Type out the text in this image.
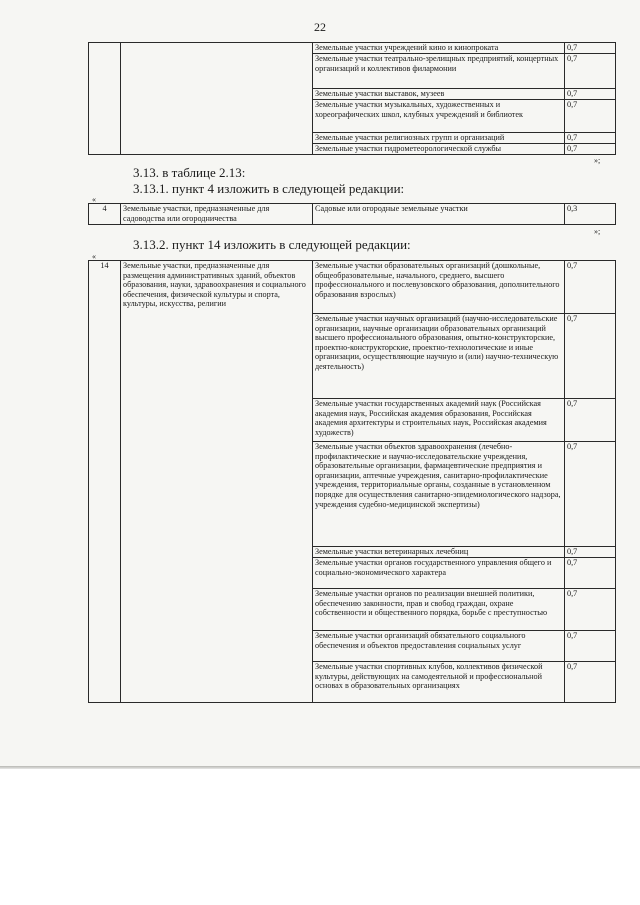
22
		Земельные участки учреждений кино и кинопроката	0,7
		Земельные участки театрально-зрелищных предприятий, концертных организаций и коллективов филармонии	0,7
		Земельные участки выставок, музеев	0,7
		Земельные участки музыкальных, художественных и хореографических школ, клубных учреждений и библиотек	0,7
		Земельные участки религиозных групп и организаций	0,7
		Земельные участки гидрометеорологической службы	0,7
»;
3.13. в таблице 2.13:
3.13.1. пункт 4 изложить в следующей редакции:
«
4	Земельные участки, предназначенные для садоводства или огородничества	Садовые или огородные земельные участки	0,3
»;
3.13.2. пункт 14 изложить в следующей редакции:
«
14	Земельные участки, предназначенные для размещения административных зданий, объектов образования, науки, здравоохранения и социального обеспечения, физической культуры и спорта, культуры, искусства, религии	Земельные участки образовательных организаций (дошкольные, общеобразовательные, начального, среднего, высшего профессионального и послевузовского образования, дополнительного образования взрослых)	0,7
		Земельные участки научных организаций (научно-исследовательские организации, научные организации образовательных организаций высшего профессионального образования, опытно-конструкторские, проектно-конструкторские, проектно-технологические и иные организации, осуществляющие научную и (или) научно-техническую деятельность)	0,7
		Земельные участки государственных академий наук (Российская академия наук, Российская академия образования, Российская академия архитектуры и строительных наук, Российская академия художеств)	0,7
		Земельные участки объектов здравоохранения (лечебно-профилактические и научно-исследовательские учреждения, образовательные организации, фармацевтические предприятия и организации, аптечные учреждения, санитарно-профилактические учреждения, территориальные органы, созданные в установленном порядке для осуществления санитарно-эпидемиологического надзора, учреждения судебно-медицинской экспертизы)	0,7
		Земельные участки ветеринарных лечебниц	0,7
		Земельные участки органов государственного управления общего и социально-экономического характера	0,7
		Земельные участки органов по реализации внешней политики, обеспечению законности, прав и свобод граждан, охране собственности и общественного порядка, борьбе с преступностью	0,7
		Земельные участки организаций обязательного социального обеспечения и объектов предоставления социальных услуг	0,7
		Земельные участки спортивных клубов, коллективов физической культуры, действующих на самодеятельной и профессиональной основах в образовательных организациях	0,7
